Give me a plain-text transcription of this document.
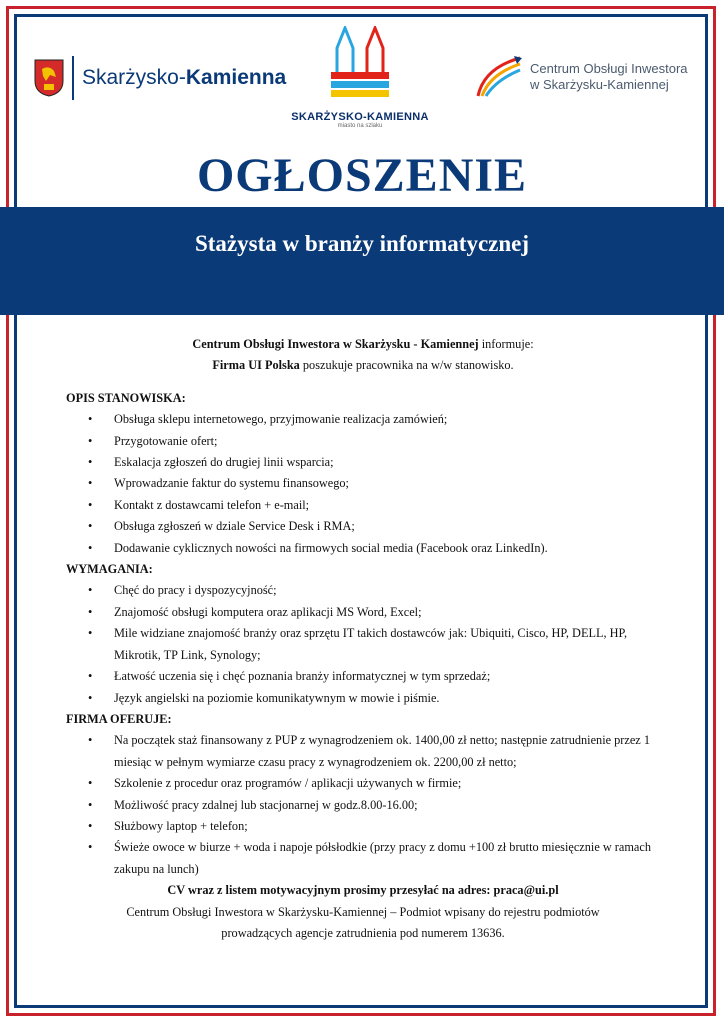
Skarżysko-Kamienna
SKARŻYSKO-KAMIENNA
miasto na szlaku
Centrum Obsługi Inwestora
w Skarżysku-Kamiennej
OGŁOSZENIE
Stażysta w branży informatycznej
Centrum Obsługi Inwestora w Skarżysku - Kamiennej informuje:
Firma UI Polska poszukuje pracownika na w/w stanowisko.
OPIS STANOWISKA:
• Obsługa sklepu internetowego, przyjmowanie realizacja zamówień;
• Przygotowanie ofert;
• Eskalacja zgłoszeń do drugiej linii wsparcia;
• Wprowadzanie faktur do systemu finansowego;
• Kontakt z dostawcami telefon + e-mail;
• Obsługa zgłoszeń w dziale Service Desk i RMA;
• Dodawanie cyklicznych nowości na firmowych social media (Facebook oraz LinkedIn).
WYMAGANIA:
• Chęć do pracy i dyspozycyjność;
• Znajomość obsługi komputera oraz aplikacji MS Word, Excel;
• Mile widziane znajomość branży oraz sprzętu IT takich dostawców jak: Ubiquiti, Cisco, HP, DELL, HP, Mikrotik, TP Link, Synology;
• Łatwość uczenia się i chęć poznania branży informatycznej w tym sprzedaż;
• Język angielski na poziomie komunikatywnym w mowie i piśmie.
FIRMA OFERUJE:
• Na początek staż finansowany z PUP z wynagrodzeniem ok. 1400,00 zł netto; następnie zatrudnienie przez 1 miesiąc w pełnym wymiarze czasu pracy z wynagrodzeniem ok. 2200,00 zł netto;
• Szkolenie z procedur oraz programów / aplikacji używanych w firmie;
• Możliwość pracy zdalnej lub stacjonarnej w godz.8.00-16.00;
• Służbowy laptop + telefon;
• Świeże owoce w biurze + woda i napoje półsłodkie (przy pracy z domu +100 zł brutto miesięcznie w ramach zakupu na lunch)
CV wraz z listem motywacyjnym prosimy przesyłać na adres: praca@ui.pl
Centrum Obsługi Inwestora w Skarżysku-Kamiennej – Podmiot wpisany do rejestru podmiotów
prowadzących agencje zatrudnienia pod numerem 13636.
